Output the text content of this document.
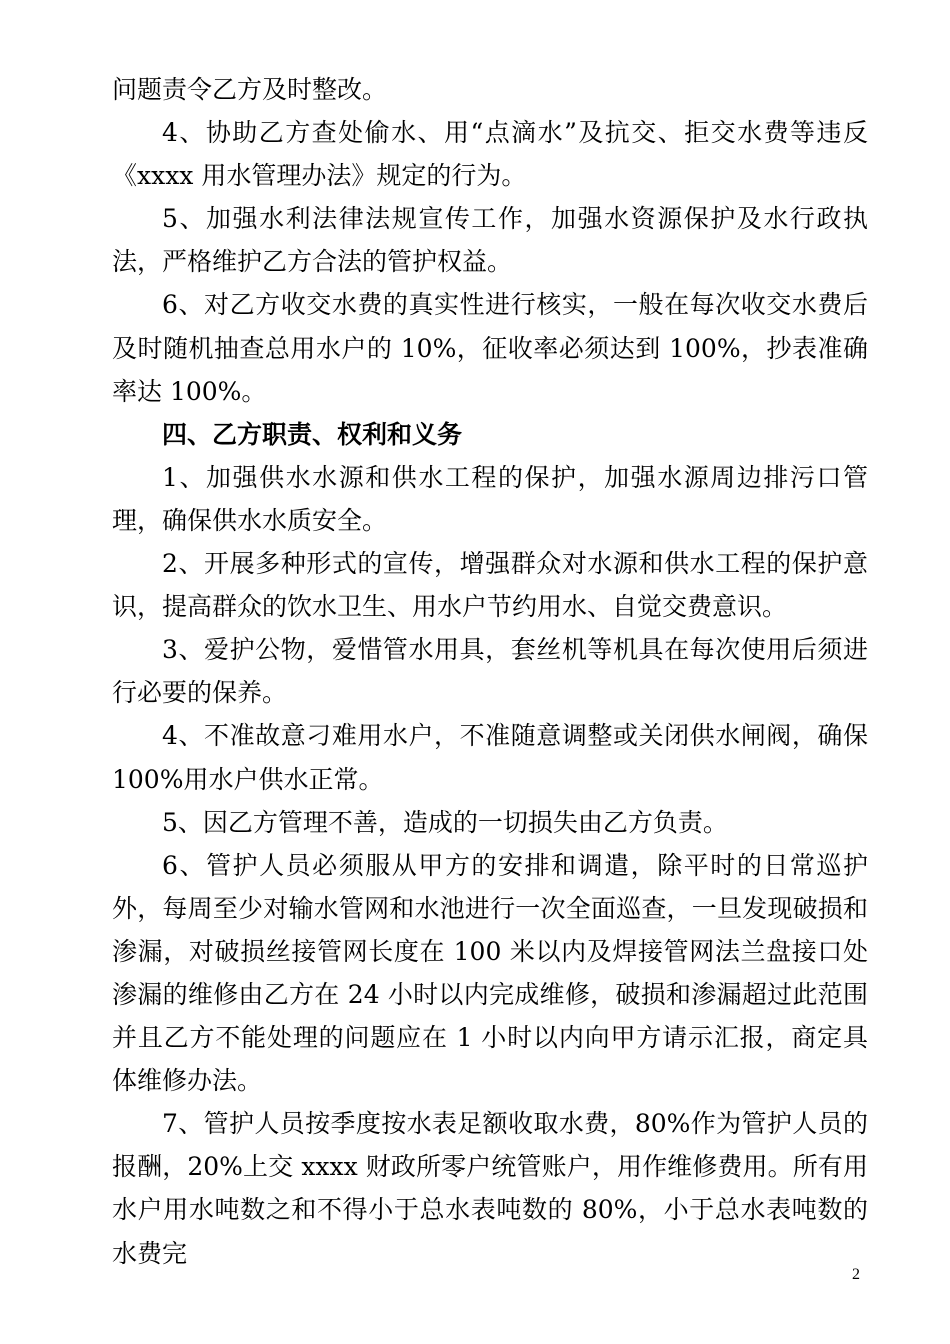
问题责令乙方及时整改。

4、协助乙方查处偷水、用“点滴水”及抗交、拒交水费等违反《xxxx 用水管理办法》规定的行为。

5、加强水利法律法规宣传工作，加强水资源保护及水行政执法，严格维护乙方合法的管护权益。

6、对乙方收交水费的真实性进行核实，一般在每次收交水费后及时随机抽查总用水户的 10%，征收率必须达到 100%，抄表准确率达 100%。

四、乙方职责、权利和义务

1、加强供水水源和供水工程的保护，加强水源周边排污口管理，确保供水水质安全。

2、开展多种形式的宣传，增强群众对水源和供水工程的保护意识，提高群众的饮水卫生、用水户节约用水、自觉交费意识。

3、爱护公物，爱惜管水用具，套丝机等机具在每次使用后须进行必要的保养。

4、不准故意刁难用水户，不准随意调整或关闭供水闸阀，确保 100%用水户供水正常。

5、因乙方管理不善，造成的一切损失由乙方负责。

6、管护人员必须服从甲方的安排和调遣，除平时的日常巡护外，每周至少对输水管网和水池进行一次全面巡查，一旦发现破损和渗漏，对破损丝接管网长度在 100 米以内及焊接管网法兰盘接口处渗漏的维修由乙方在 24 小时以内完成维修，破损和渗漏超过此范围并且乙方不能处理的问题应在 1 小时以内向甲方请示汇报，商定具体维修办法。

7、管护人员按季度按水表足额收取水费，80%作为管护人员的报酬，20%上交 xxxx 财政所零户统管账户，用作维修费用。所有用水户用水吨数之和不得小于总水表吨数的 80%，小于总水表吨数的水费完

2
